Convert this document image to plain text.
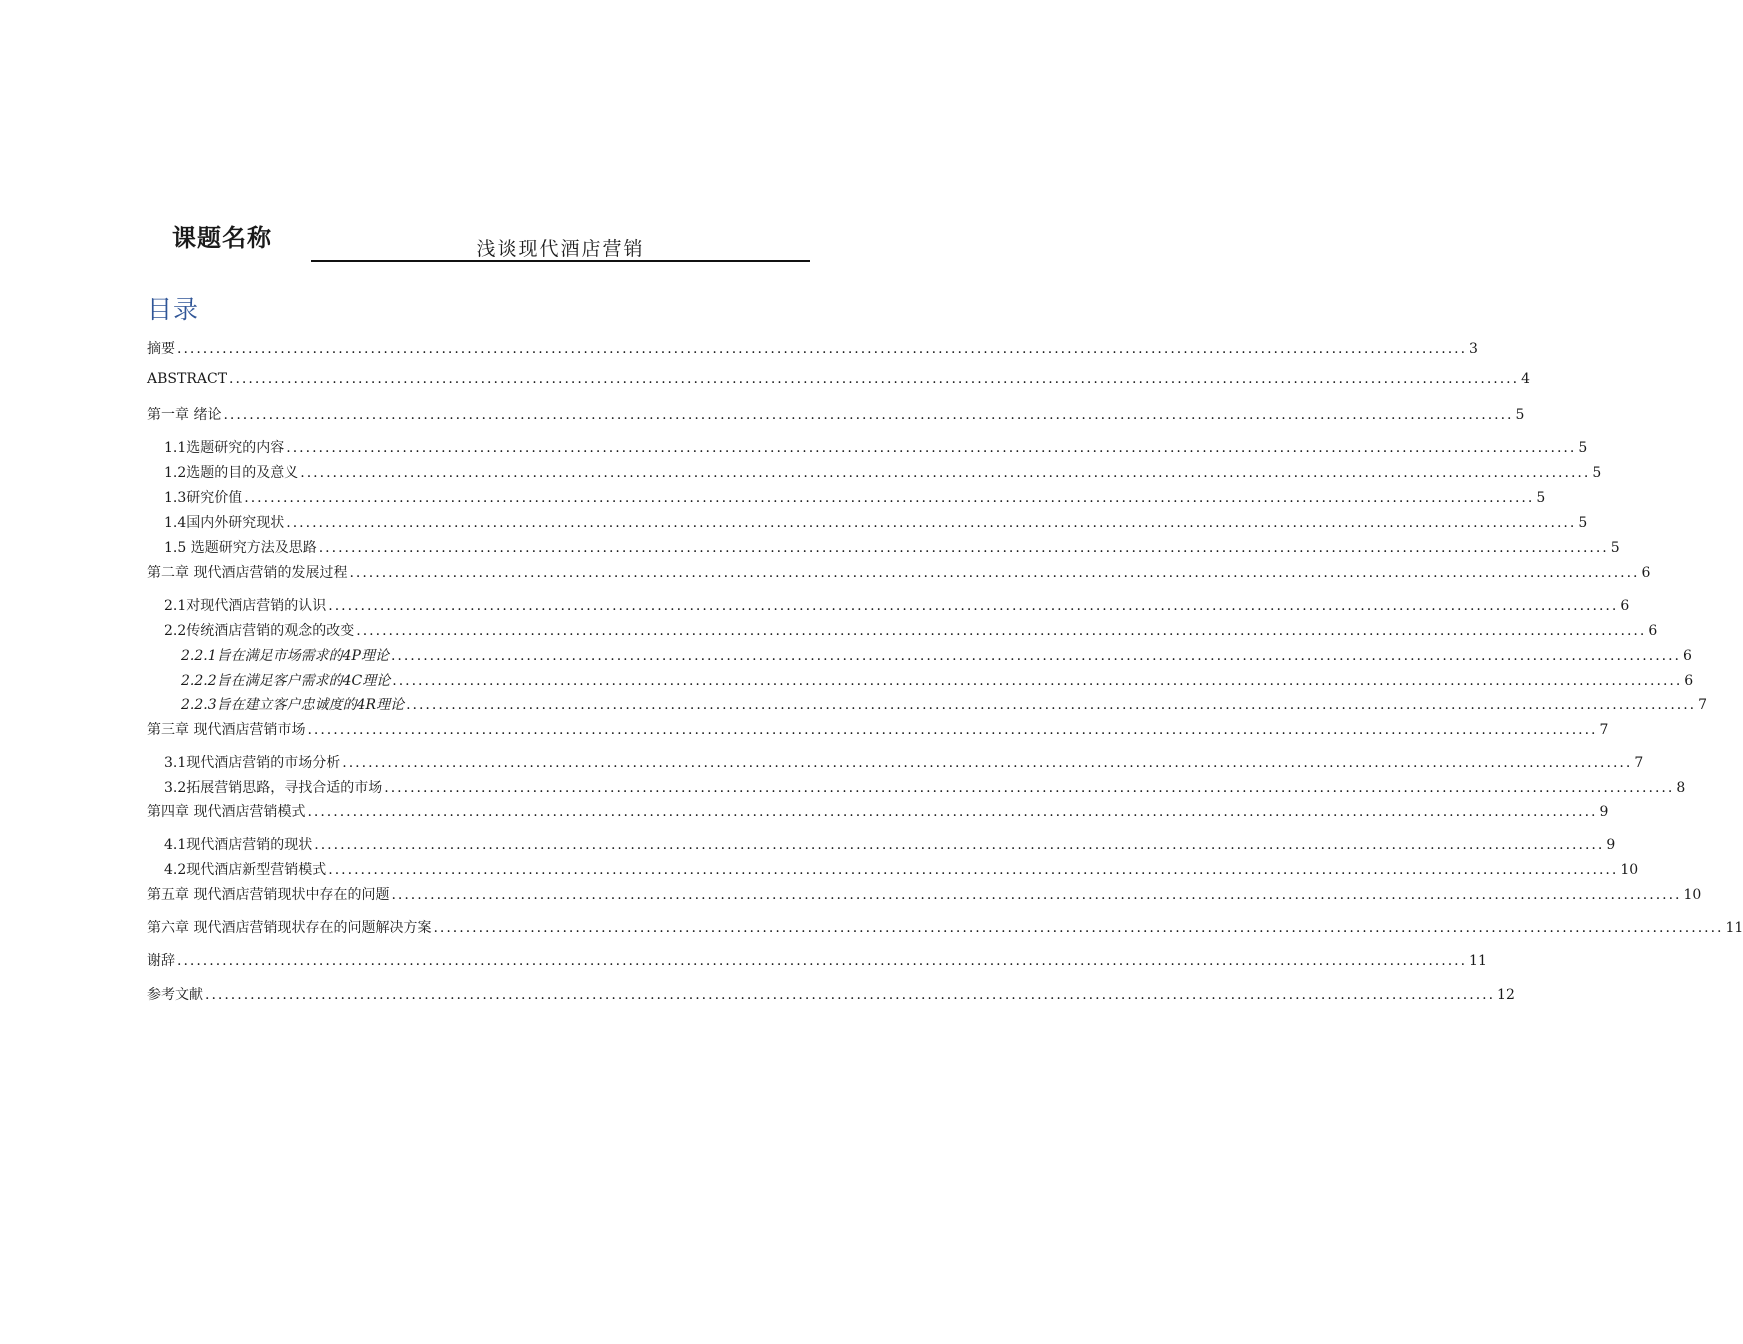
课题名称	浅谈现代酒店营销
目录
摘要 ........................................................................................................................................................................................................ 3
ABSTRACT ........................................................................................................................................................................................................ 4
第一章 绪论 ........................................................................................................................................................................................................ 5
1.1选题研究的内容 ........................................................................................................................................................................................................ 5
1.2选题的目的及意义 ........................................................................................................................................................................................................ 5
1.3研究价值 ........................................................................................................................................................................................................ 5
1.4国内外研究现状 ........................................................................................................................................................................................................ 5
1.5 选题研究方法及思路 ........................................................................................................................................................................................................ 5
第二章 现代酒店营销的发展过程 ........................................................................................................................................................................................................ 6
2.1对现代酒店营销的认识 ........................................................................................................................................................................................................ 6
2.2传统酒店营销的观念的改变 ........................................................................................................................................................................................................ 6
2.2.1旨在满足市场需求的4P理论 ........................................................................................................................................................................................................ 6
2.2.2旨在满足客户需求的4C理论 ........................................................................................................................................................................................................ 6
2.2.3旨在建立客户忠诚度的4R理论 ........................................................................................................................................................................................................ 7
第三章 现代酒店营销市场 ........................................................................................................................................................................................................ 7
3.1现代酒店营销的市场分析 ........................................................................................................................................................................................................ 7
3.2拓展营销思路，寻找合适的市场 ........................................................................................................................................................................................................ 8
第四章 现代酒店营销模式 ........................................................................................................................................................................................................ 9
4.1现代酒店营销的现状 ........................................................................................................................................................................................................ 9
4.2现代酒店新型营销模式 ........................................................................................................................................................................................................ 10
第五章 现代酒店营销现状中存在的问题 ........................................................................................................................................................................................................ 10
第六章 现代酒店营销现状存在的问题解决方案 ........................................................................................................................................................................................................ 11
谢辞 ........................................................................................................................................................................................................ 11
参考文献 ........................................................................................................................................................................................................ 12
